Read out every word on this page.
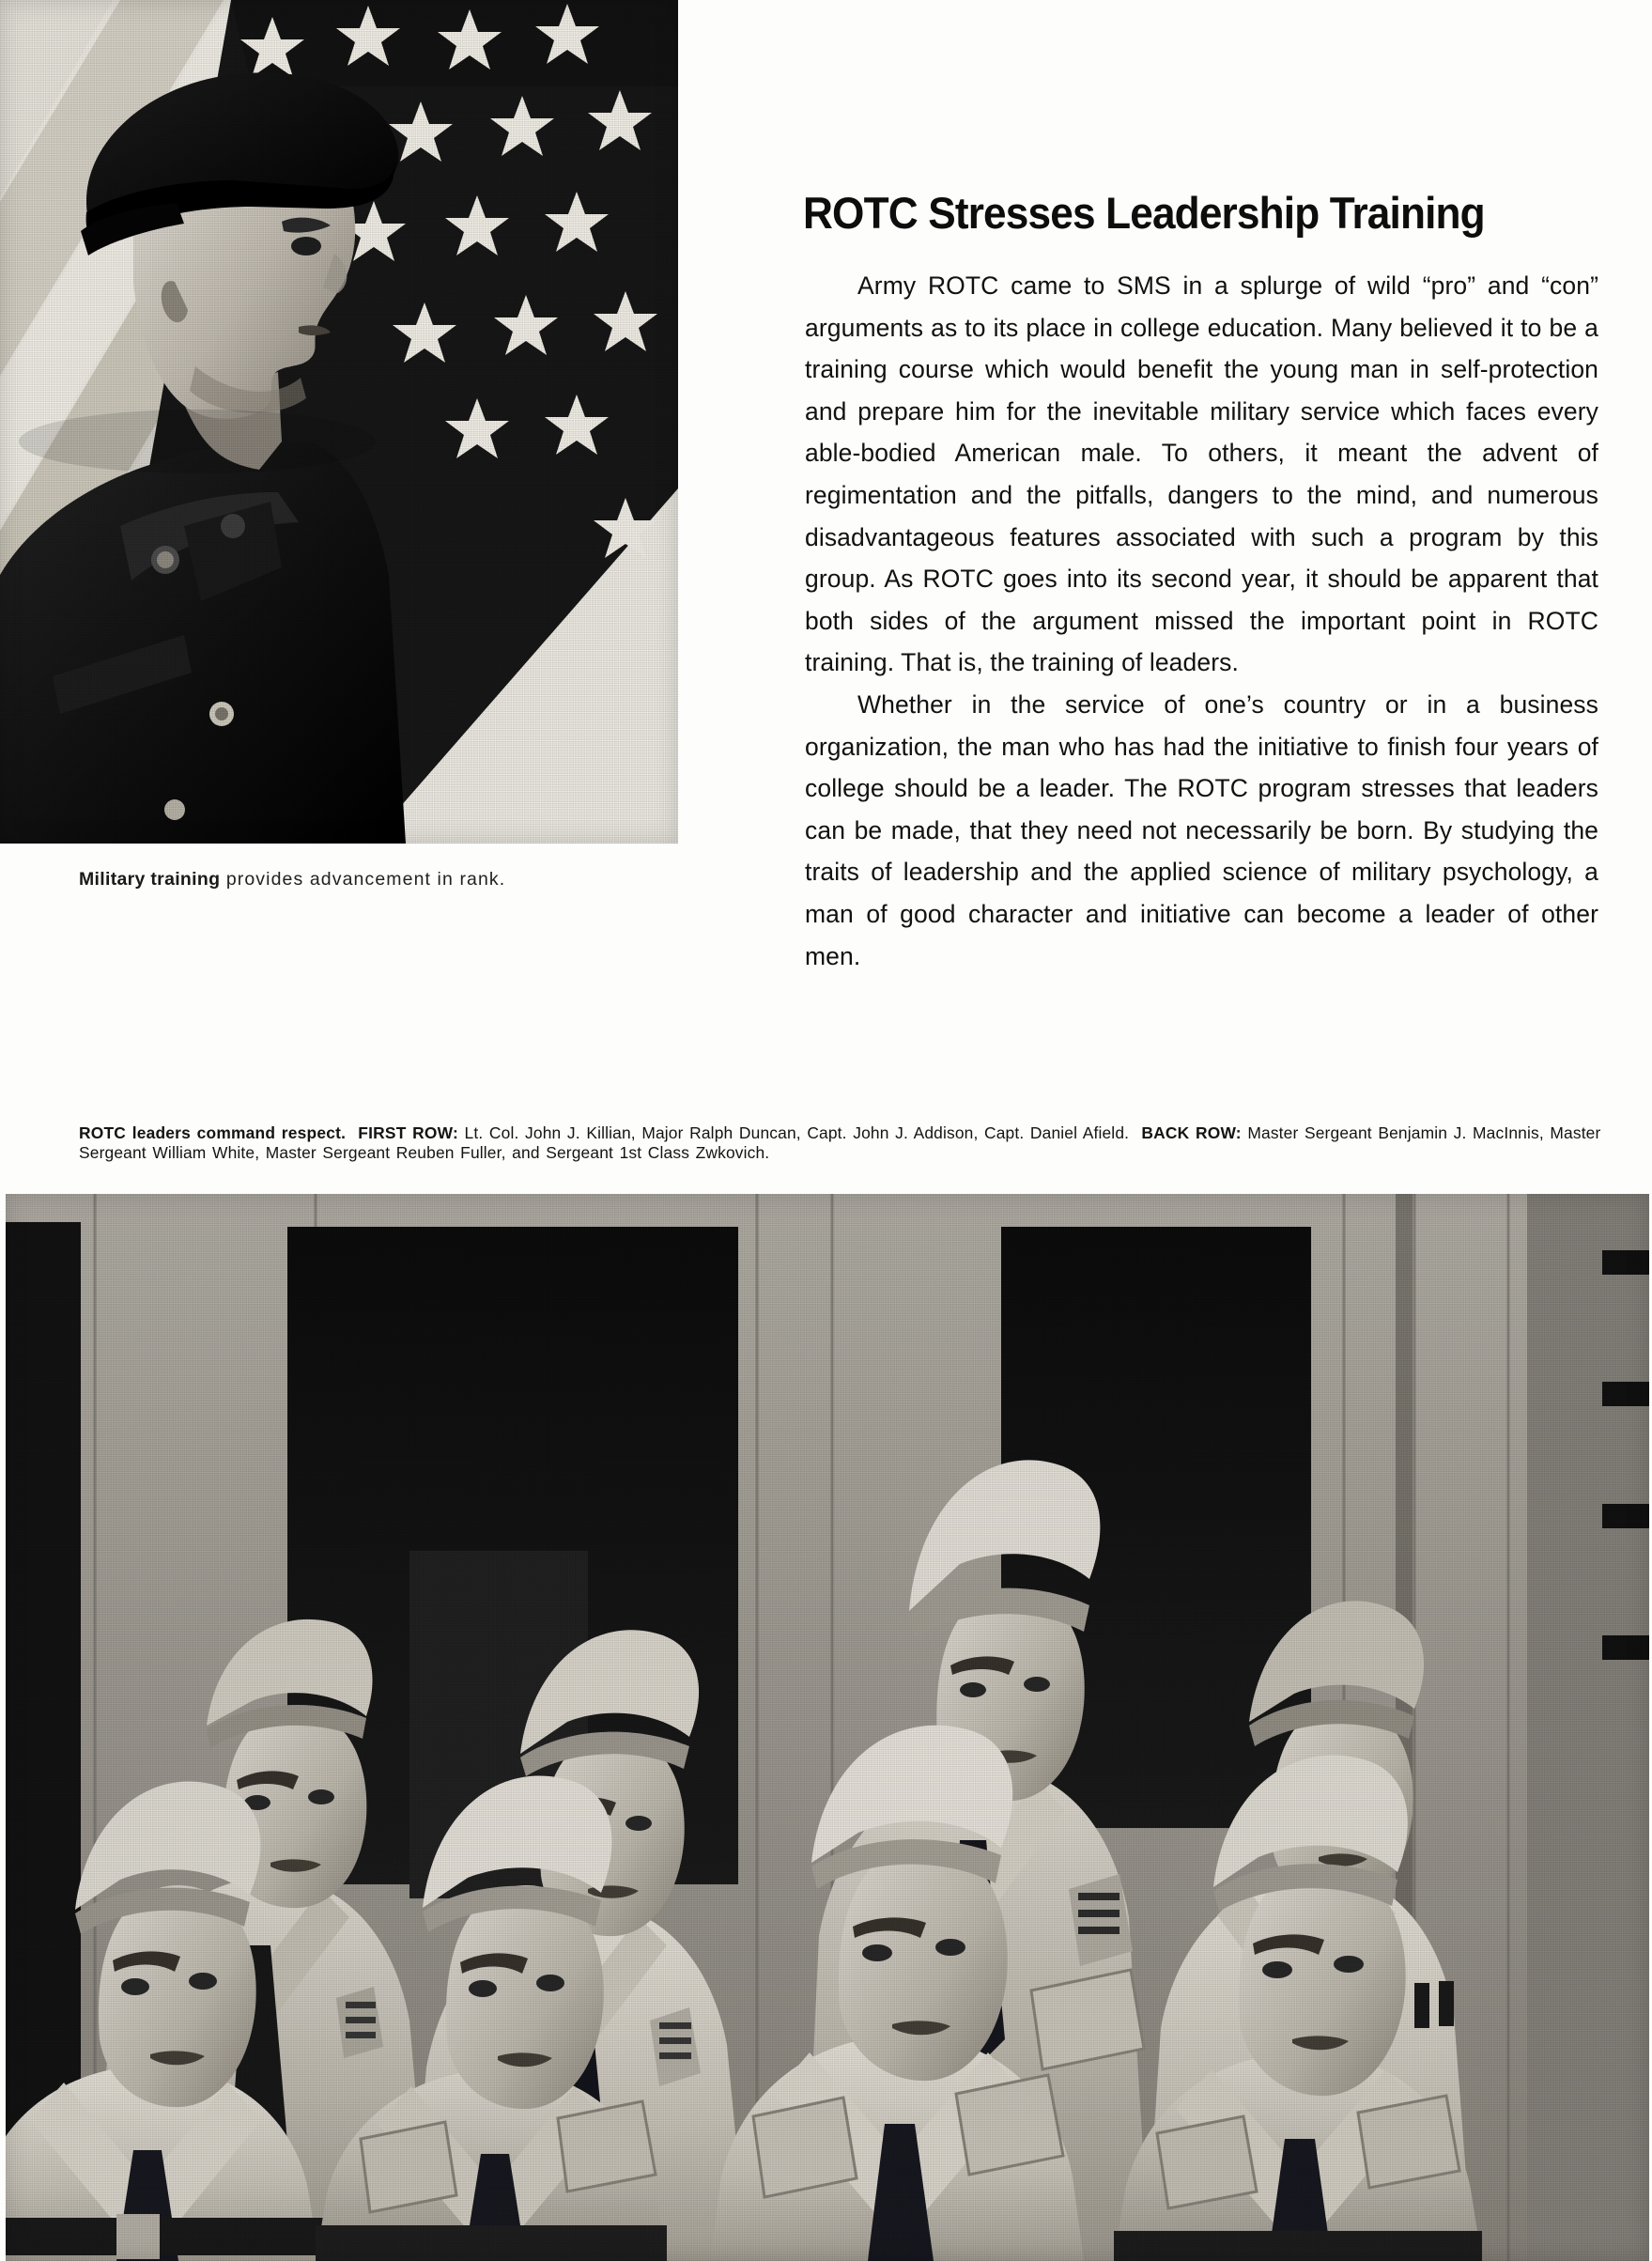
Military training provides advancement in rank.
ROTC Stresses Leadership Training

Army ROTC came to SMS in a splurge of wild “pro” and “con” arguments as to its place in college education. Many believed it to be a training course which would benefit the young man in self-protection and prepare him for the inevitable military service which faces every able-bodied American male. To others, it meant the advent of regimentation and the pitfalls, dangers to the mind, and numerous disadvantageous features associated with such a program by this group. As ROTC goes into its second year, it should be apparent that both sides of the argument missed the important point in ROTC training. That is, the training of leaders.

Whether in the service of one’s country or in a business organization, the man who has had the initiative to finish four years of college should be a leader. The ROTC program stresses that leaders can be made, that they need not necessarily be born. By studying the traits of leadership and the applied science of military psychology, a man of good character and initiative can become a leader of other men.

ROTC leaders command respect. FIRST ROW: Lt. Col. John J. Killian, Major Ralph Duncan, Capt. John J. Addison, Capt. Daniel Afield. BACK ROW: Master Sergeant Benjamin J. MacInnis, Master Sergeant William White, Master Sergeant Reuben Fuller, and Sergeant 1st Class Zwkovich.
